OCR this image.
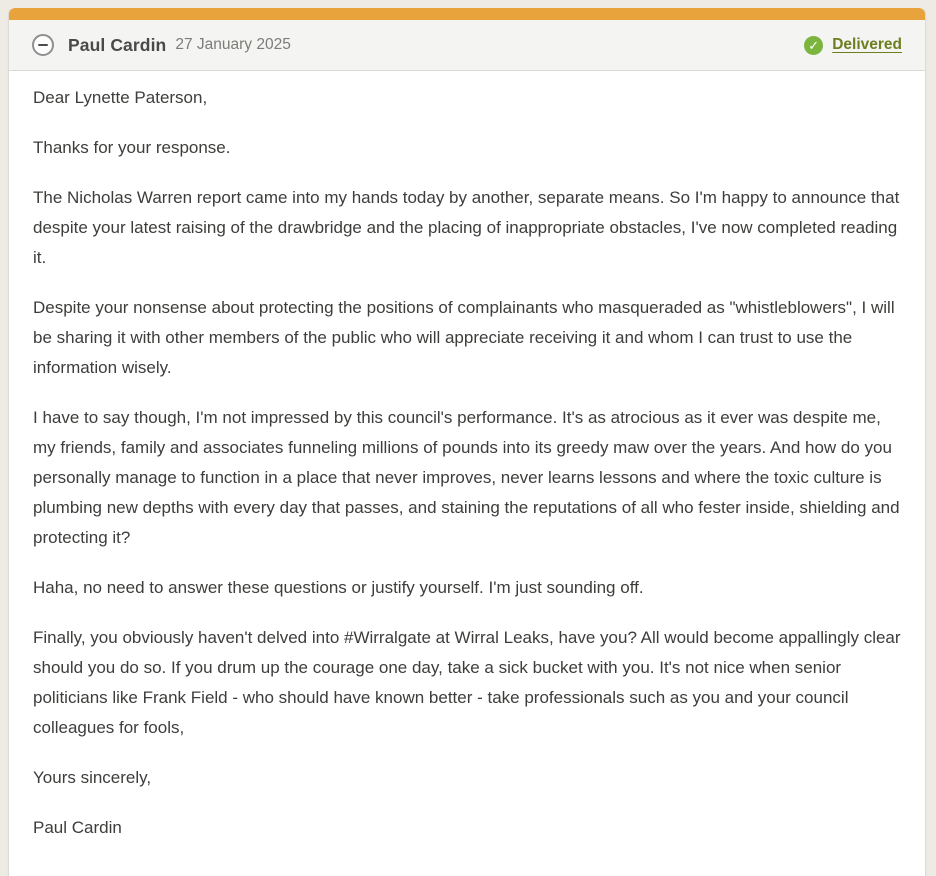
Paul Cardin 27 January 2025	✓ Delivered

Dear Lynette Paterson,

Thanks for your response.

The Nicholas Warren report came into my hands today by another, separate means. So I'm happy to announce that despite your latest raising of the drawbridge and the placing of inappropriate obstacles, I've now completed reading it.

Despite your nonsense about protecting the positions of complainants who masqueraded as "whistleblowers", I will be sharing it with other members of the public who will appreciate receiving it and whom I can trust to use the information wisely.

I have to say though, I'm not impressed by this council's performance. It's as atrocious as it ever was despite me, my friends, family and associates funneling millions of pounds into its greedy maw over the years. And how do you personally manage to function in a place that never improves, never learns lessons and where the toxic culture is plumbing new depths with every day that passes, and staining the reputations of all who fester inside, shielding and protecting it?

Haha, no need to answer these questions or justify yourself. I'm just sounding off.

Finally, you obviously haven't delved into #Wirralgate at Wirral Leaks, have you? All would become appallingly clear should you do so. If you drum up the courage one day, take a sick bucket with you. It's not nice when senior politicians like Frank Field - who should have known better - take professionals such as you and your council colleagues for fools,

Yours sincerely,

Paul Cardin
